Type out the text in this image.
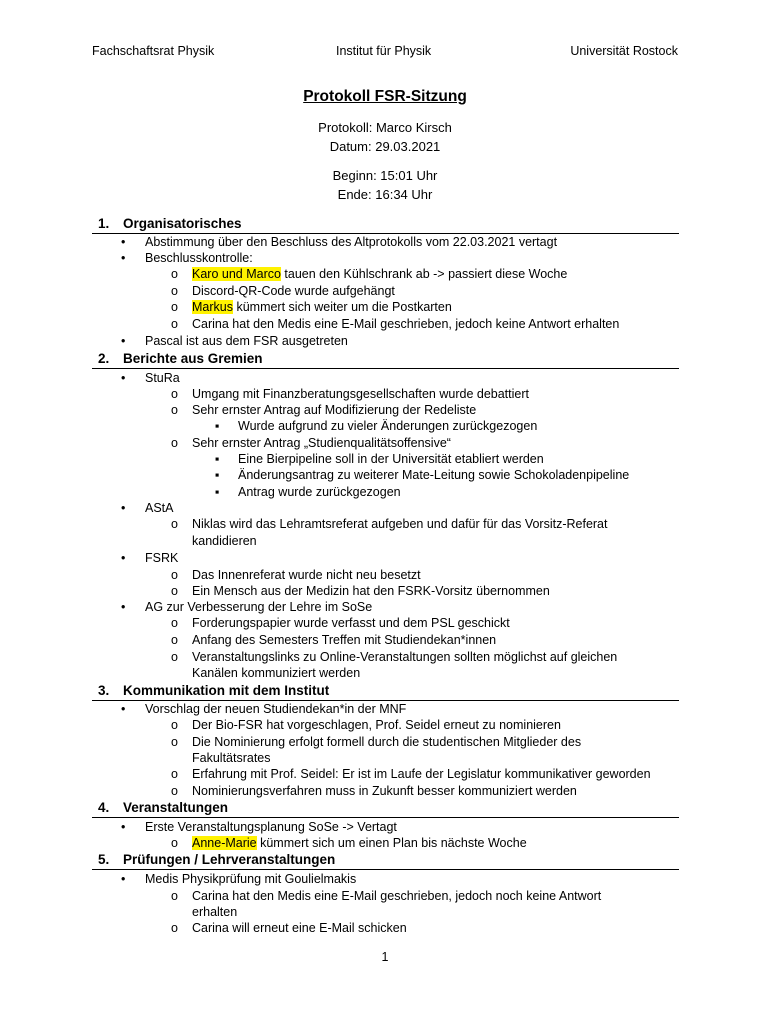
Fachschaftsrat Physik	Institut für Physik	Universität Rostock
Protokoll FSR-Sitzung
Protokoll: Marco Kirsch
Datum: 29.03.2021
Beginn: 15:01 Uhr
Ende: 16:34 Uhr
1. Organisatorisches
• Abstimmung über den Beschluss des Altprotokolls vom 22.03.2021 vertagt
• Beschlusskontrolle:
o Karo und Marco tauen den Kühlschrank ab -> passiert diese Woche
o Discord-QR-Code wurde aufgehängt
o Markus kümmert sich weiter um die Postkarten
o Carina hat den Medis eine E-Mail geschrieben, jedoch keine Antwort erhalten
• Pascal ist aus dem FSR ausgetreten
2. Berichte aus Gremien
• StuRa
o Umgang mit Finanzberatungsgesellschaften wurde debattiert
o Sehr ernster Antrag auf Modifizierung der Redeliste
▪ Wurde aufgrund zu vieler Änderungen zurückgezogen
o Sehr ernster Antrag „Studienqualitätsoffensive“
▪ Eine Bierpipeline soll in der Universität etabliert werden
▪ Änderungsantrag zu weiterer Mate-Leitung sowie Schokoladenpipeline
▪ Antrag wurde zurückgezogen
• AStA
o Niklas wird das Lehramtsreferat aufgeben und dafür für das Vorsitz-Referat
kandidieren
• FSRK
o Das Innenreferat wurde nicht neu besetzt
o Ein Mensch aus der Medizin hat den FSRK-Vorsitz übernommen
• AG zur Verbesserung der Lehre im SoSe
o Forderungspapier wurde verfasst und dem PSL geschickt
o Anfang des Semesters Treffen mit Studiendekan*innen
o Veranstaltungslinks zu Online-Veranstaltungen sollten möglichst auf gleichen
Kanälen kommuniziert werden
3. Kommunikation mit dem Institut
• Vorschlag der neuen Studiendekan*in der MNF
o Der Bio-FSR hat vorgeschlagen, Prof. Seidel erneut zu nominieren
o Die Nominierung erfolgt formell durch die studentischen Mitglieder des
Fakultätsrates
o Erfahrung mit Prof. Seidel: Er ist im Laufe der Legislatur kommunikativer geworden
o Nominierungsverfahren muss in Zukunft besser kommuniziert werden
4. Veranstaltungen
• Erste Veranstaltungsplanung SoSe -> Vertagt
o Anne-Marie kümmert sich um einen Plan bis nächste Woche
5. Prüfungen / Lehrveranstaltungen
• Medis Physikprüfung mit Goulielmakis
o Carina hat den Medis eine E-Mail geschrieben, jedoch noch keine Antwort
erhalten
o Carina will erneut eine E-Mail schicken
1
